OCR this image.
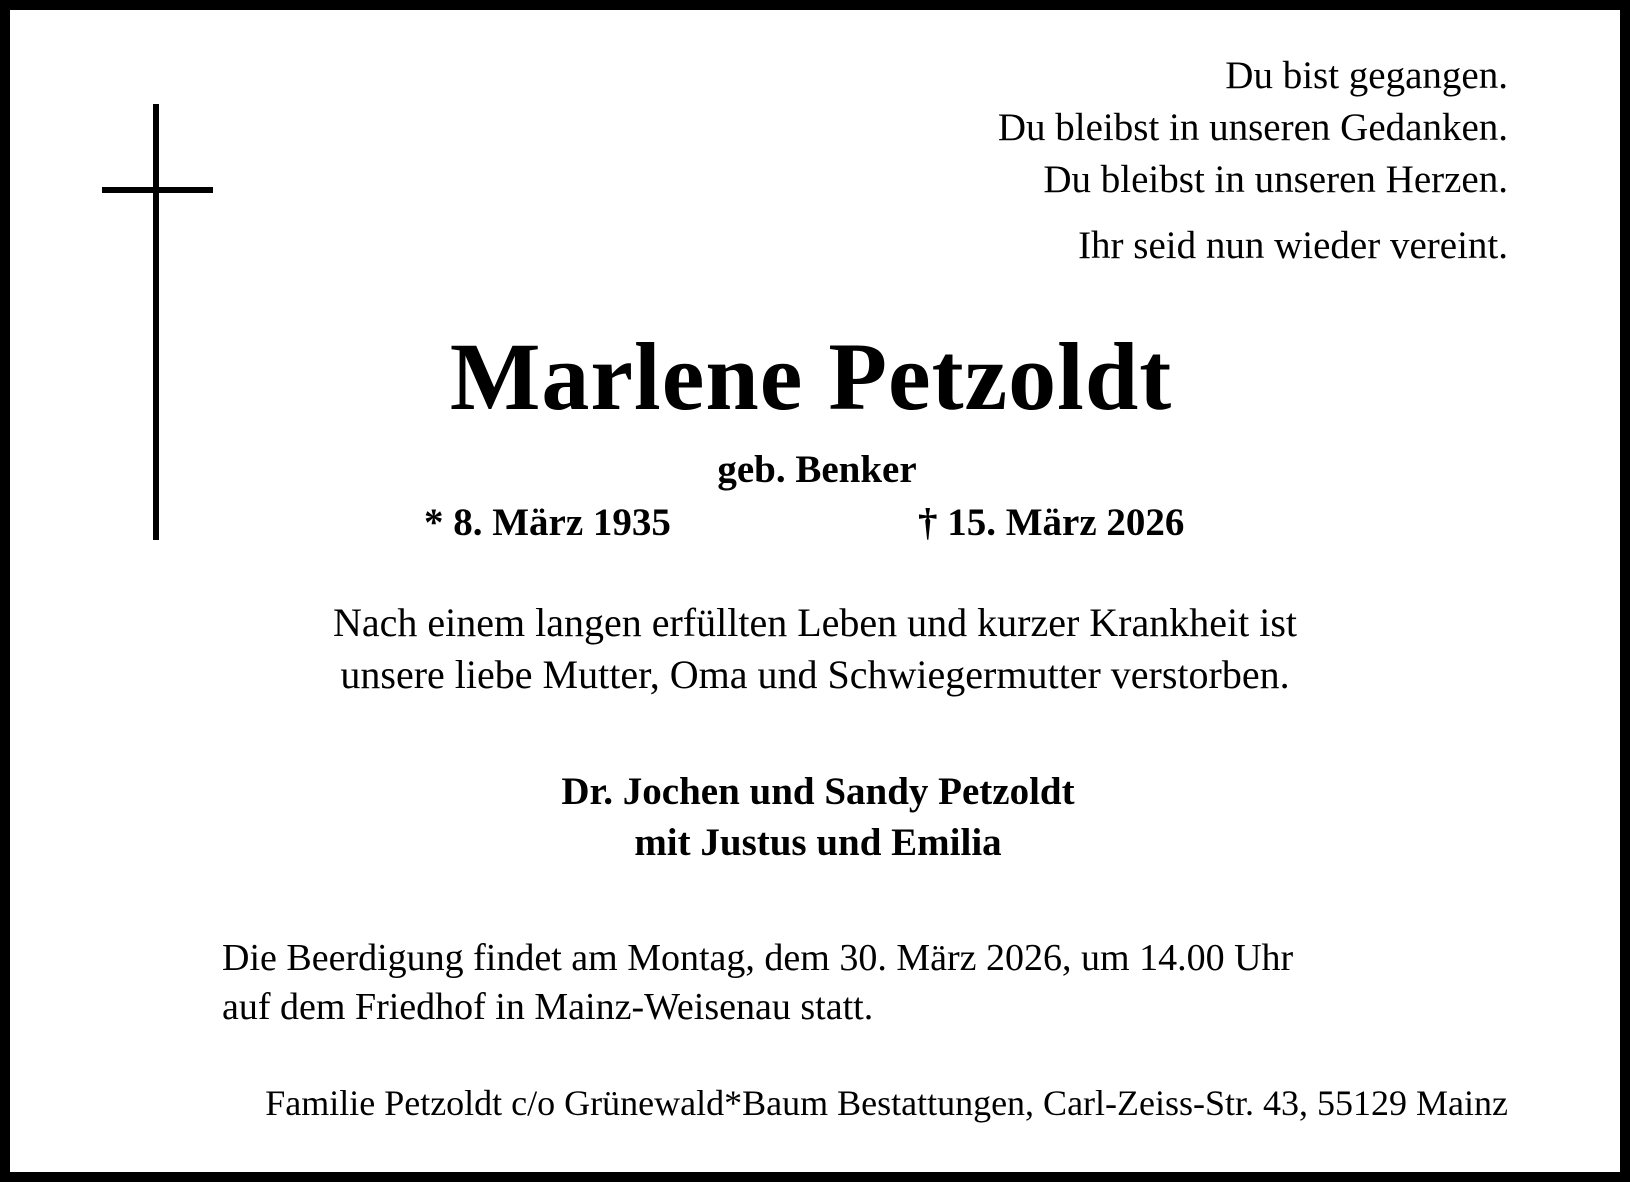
Du bist gegangen.
Du bleibst in unseren Gedanken.
Du bleibst in unseren Herzen.
Ihr seid nun wieder vereint.
Marlene Petzoldt
geb. Benker
* 8. März 1935	† 15. März 2026
Nach einem langen erfüllten Leben und kurzer Krankheit ist
unsere liebe Mutter, Oma und Schwiegermutter verstorben.
Dr. Jochen und Sandy Petzoldt
mit Justus und Emilia
Die Beerdigung findet am Montag, dem 30. März 2026, um 14.00 Uhr
auf dem Friedhof in Mainz-Weisenau statt.
Familie Petzoldt c/o Grünewald*Baum Bestattungen, Carl-Zeiss-Str. 43, 55129 Mainz
